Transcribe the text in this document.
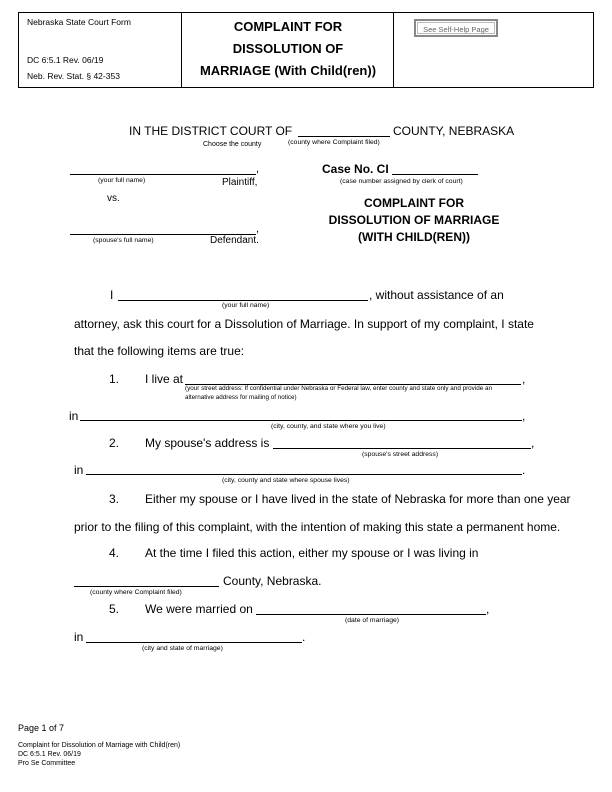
Nebraska State Court Form
DC 6:5.1 Rev. 06/19
Neb. Rev. Stat. § 42-353
COMPLAINT FOR
DISSOLUTION OF
MARRIAGE (With Child(ren))
See Self-Help Page
IN THE DISTRICT COURT OF	COUNTY, NEBRASKA
Choose the county	(county where Complaint filed)
,
(your full name)	Plaintiff,
vs.
,
(spouse's full name)	Defendant.
Case No. CI
(case number assigned by clerk of court)
COMPLAINT FOR
DISSOLUTION OF MARRIAGE
(WITH CHILD(REN))
I	, without assistance of an
(your full name)
attorney, ask this court for a Dissolution of Marriage. In support of my complaint, I state
that the following items are true:
1. I live at	,
(your street address: If confidential under Nebraska or Federal law, enter county and state only and provide an
alternative address for mailing of notice)
in	,
(city, county, and state where you live)
2. My spouse's address is	,
(spouse's street address)
in	.
(city, county and state where spouse lives)
3. Either my spouse or I have lived in the state of Nebraska for more than one year
prior to the filing of this complaint, with the intention of making this state a permanent home.
4. At the time I filed this action, either my spouse or I was living in
County, Nebraska.
(county where Complaint filed)
5. We were married on	,
(date of marriage)
in	.
(city and state of marriage)
Page 1 of 7
Complaint for Dissolution of Marriage with Child(ren)
DC 6:5.1 Rev. 06/19
Pro Se Committee
